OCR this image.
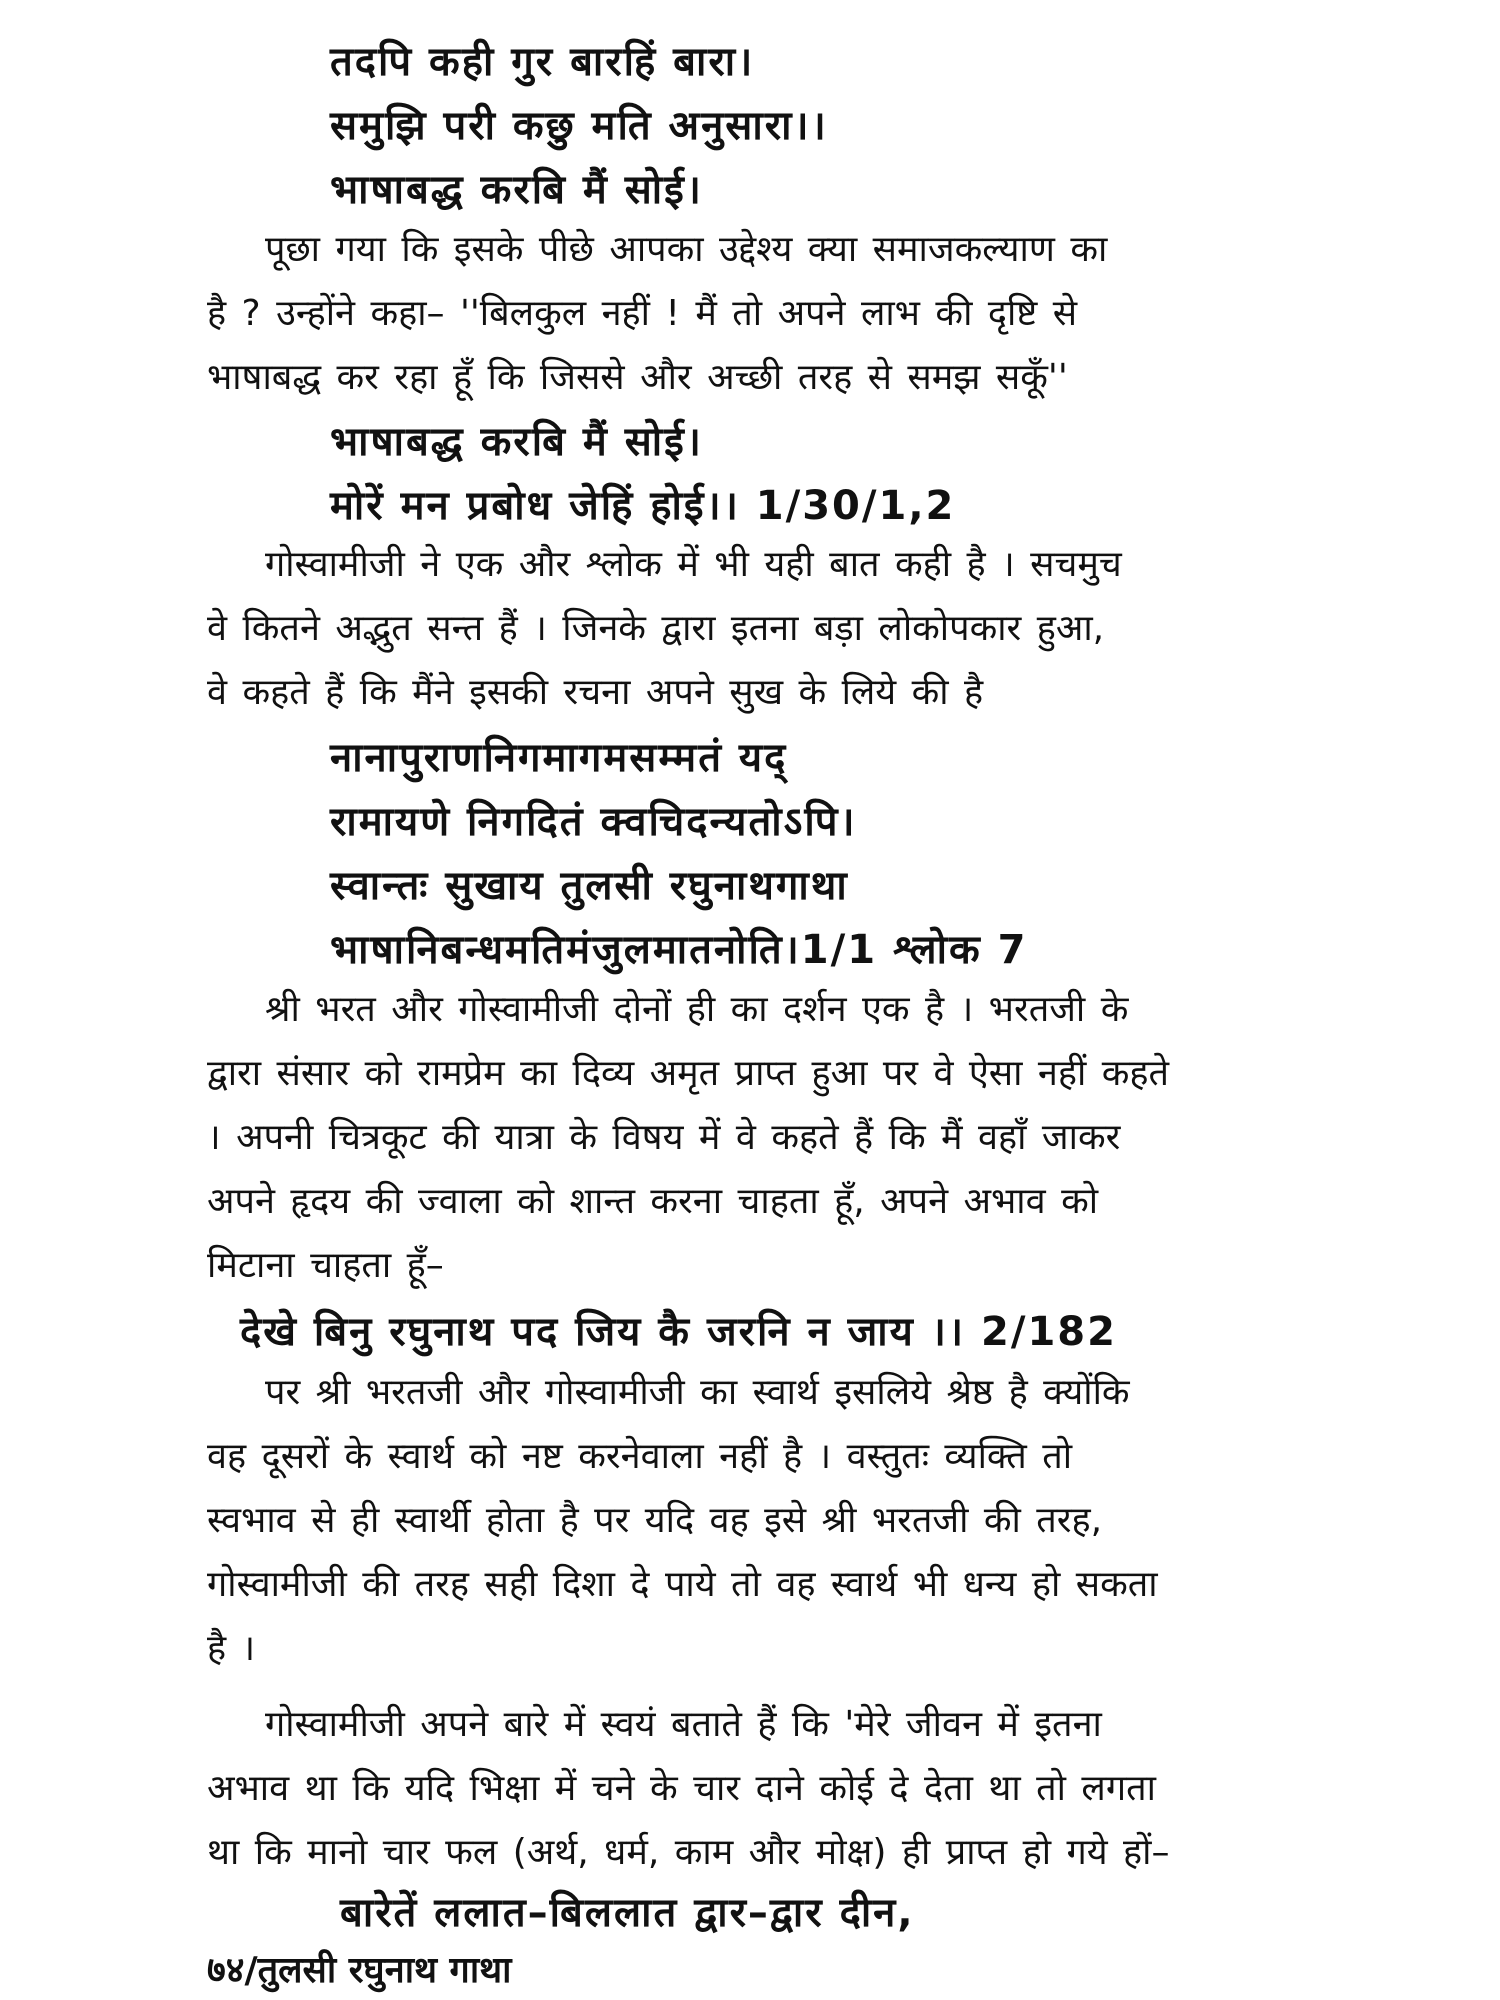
तदपि कही गुर बारहिं बारा।
समुझि परी कछु मति अनुसारा।।
भाषाबद्ध करबि मैं सोई।
पूछा गया कि इसके पीछे आपका उद्देश्य क्या समाजकल्याण का
है ? उन्होंने कहा– ''बिलकुल नहीं ! मैं तो अपने लाभ की दृष्टि से
भाषाबद्ध कर रहा हूँ कि जिससे और अच्छी तरह से समझ सकूँ''
भाषाबद्ध करबि मैं सोई।
मोरें मन प्रबोध जेहिं होई।। 1/30/1,2
गोस्वामीजी ने एक और श्लोक में भी यही बात कही है । सचमुच
वे कितने अद्भुत सन्त हैं । जिनके द्वारा इतना बड़ा लोकोपकार हुआ,
वे कहते हैं कि मैंने इसकी रचना अपने सुख के लिये की है
नानापुराणनिगमागमसम्मतं यद्
रामायणे निगदितं क्वचिदन्यतोऽपि।
स्वान्तः सुखाय तुलसी रघुनाथगाथा
भाषानिबन्धमतिमंजुलमातनोति।1/1 श्लोक 7
श्री भरत और गोस्वामीजी दोनों ही का दर्शन एक है । भरतजी के
द्वारा संसार को रामप्रेम का दिव्य अमृत प्राप्त हुआ पर वे ऐसा नहीं कहते
। अपनी चित्रकूट की यात्रा के विषय में वे कहते हैं कि मैं वहाँ जाकर
अपने हृदय की ज्वाला को शान्त करना चाहता हूँ, अपने अभाव को
मिटाना चाहता हूँ–
देखे बिनु रघुनाथ पद जिय कै जरनि न जाय ।। 2/182
पर श्री भरतजी और गोस्वामीजी का स्वार्थ इसलिये श्रेष्ठ है क्योंकि
वह दूसरों के स्वार्थ को नष्ट करनेवाला नहीं है । वस्तुतः व्यक्ति तो
स्वभाव से ही स्वार्थी होता है पर यदि वह इसे श्री भरतजी की तरह,
गोस्वामीजी की तरह सही दिशा दे पाये तो वह स्वार्थ भी धन्य हो सकता
है ।
गोस्वामीजी अपने बारे में स्वयं बताते हैं कि 'मेरे जीवन में इतना
अभाव था कि यदि भिक्षा में चने के चार दाने कोई दे देता था तो लगता
था कि मानो चार फल (अर्थ, धर्म, काम और मोक्ष) ही प्राप्त हो गये हों–
बारेतें ललात–बिललात द्वार–द्वार दीन,
७४/तुलसी रघुनाथ गाथा
